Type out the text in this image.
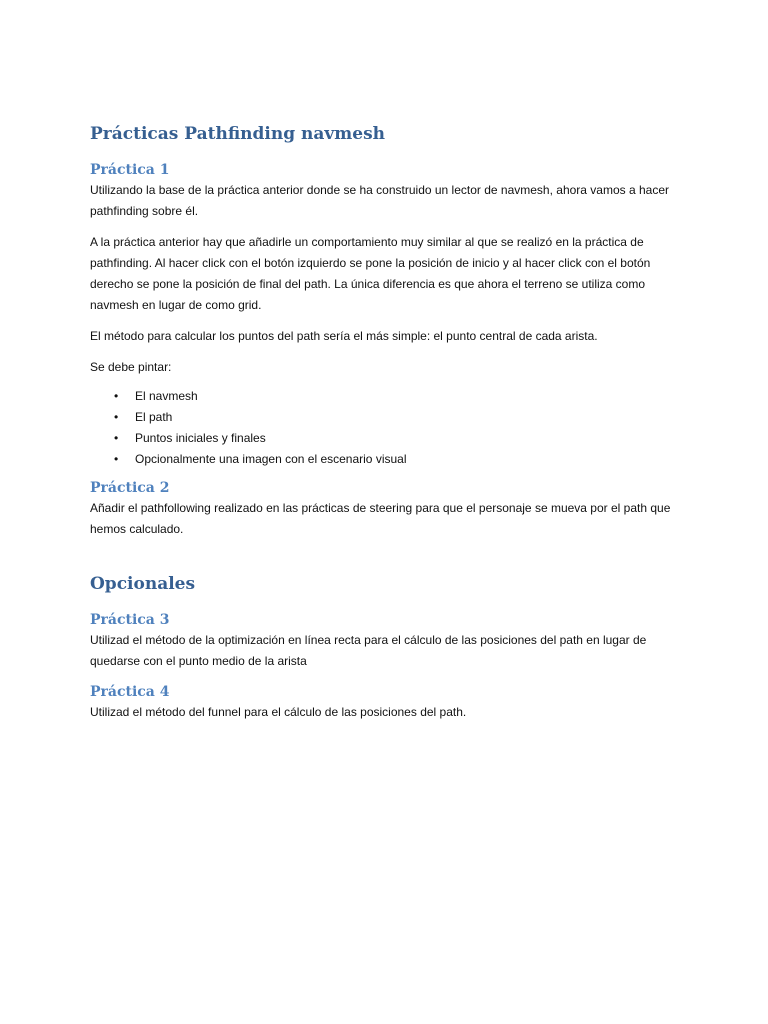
Prácticas Pathfinding navmesh
Práctica 1
Utilizando la base de la práctica anterior donde se ha construido un lector de navmesh, ahora vamos a hacer pathfinding sobre él.
A la práctica anterior hay que añadirle un comportamiento muy similar al que se realizó en la práctica de pathfinding. Al hacer click con el botón izquierdo se pone la posición de inicio y al hacer click con el botón derecho se pone la posición de final del path. La única diferencia es que ahora el terreno se utiliza como navmesh en lugar de como grid.
El método para calcular los puntos del path sería el más simple: el punto central de cada arista.
Se debe pintar:
• El navmesh
• El path
• Puntos iniciales y finales
• Opcionalmente una imagen con el escenario visual
Práctica 2
Añadir el pathfollowing realizado en las prácticas de steering para que el personaje se mueva por el path que hemos calculado.
Opcionales
Práctica 3
Utilizad el método de la optimización en línea recta para el cálculo de las posiciones del path en lugar de quedarse con el punto medio de la arista
Práctica 4
Utilizad el método del funnel para el cálculo de las posiciones del path.
